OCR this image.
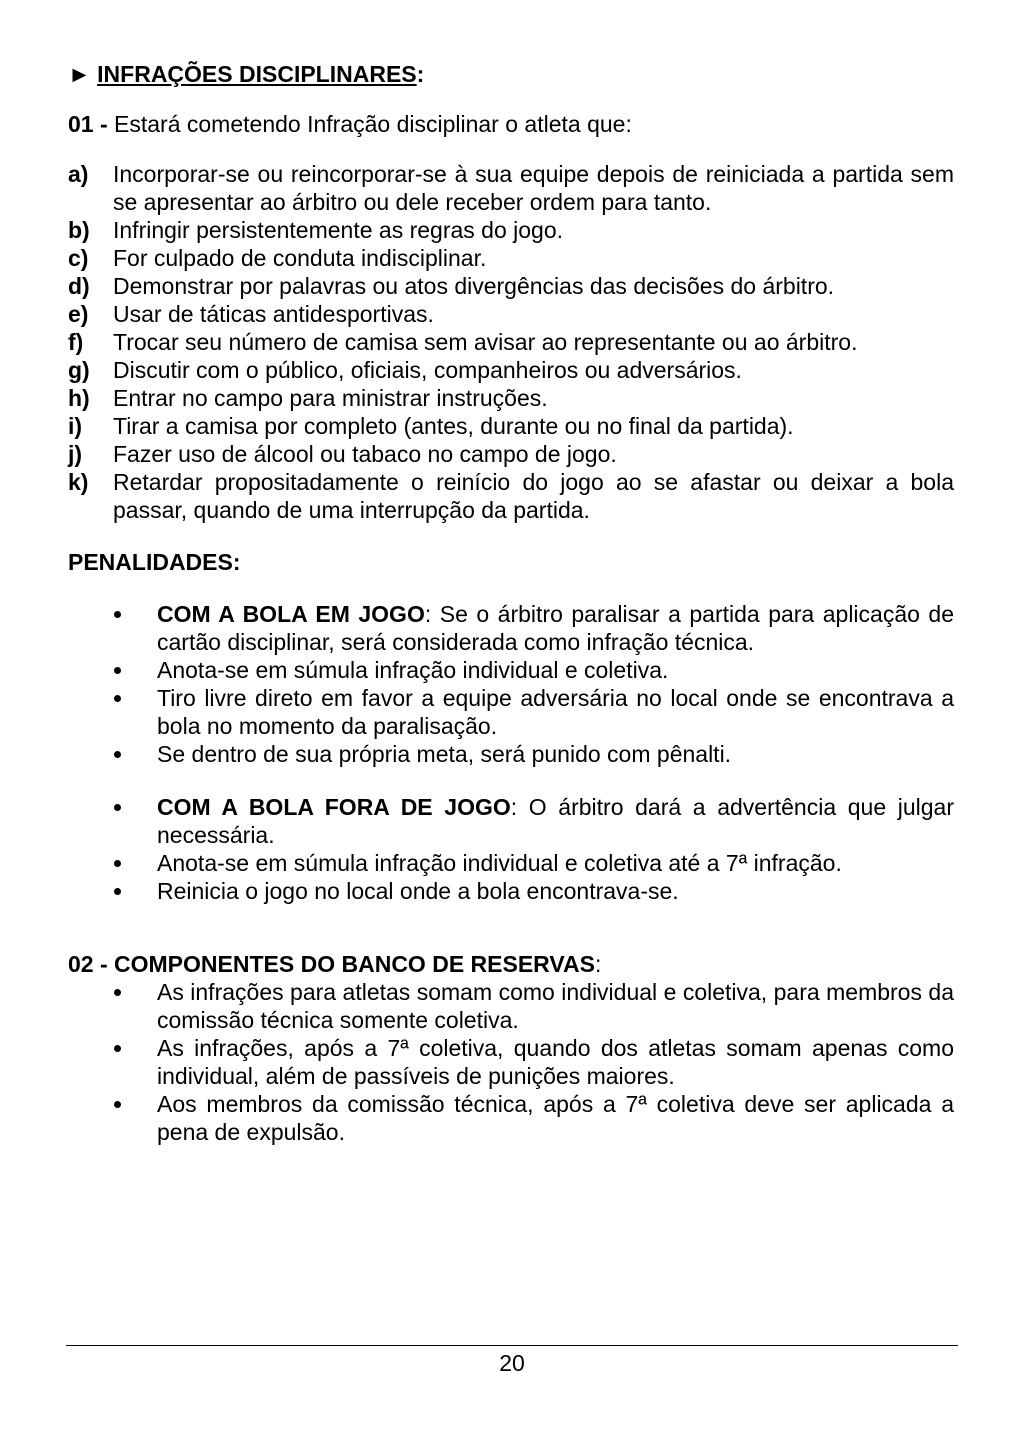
► INFRAÇÕES DISCIPLINARES:
01 - Estará cometendo Infração disciplinar o atleta que:
a)	Incorporar-se ou reincorporar-se à sua equipe depois de reiniciada a partida sem se apresentar ao árbitro ou dele receber ordem para tanto.
b)	Infringir persistentemente as regras do jogo.
c)	For culpado de conduta indisciplinar.
d)	Demonstrar por palavras ou atos divergências das decisões do árbitro.
e)	Usar de táticas antidesportivas.
f)	Trocar seu número de camisa sem avisar ao representante ou ao árbitro.
g)	Discutir com o público, oficiais, companheiros ou adversários.
h)	Entrar no campo para ministrar instruções.
i)	Tirar a camisa por completo (antes, durante ou no final da partida).
j)	Fazer uso de álcool ou tabaco no campo de jogo.
k)	Retardar propositadamente o reinício do jogo ao se afastar ou deixar a bola passar, quando de uma interrupção da partida.
PENALIDADES:
COM A BOLA EM JOGO: Se o árbitro paralisar a partida para aplicação de cartão disciplinar, será considerada como infração técnica.
Anota-se em súmula infração individual e coletiva.
Tiro livre direto em favor a equipe adversária no local onde se encontrava a bola no momento da paralisação.
Se dentro de sua própria meta, será punido com pênalti.
COM A BOLA FORA DE JOGO: O árbitro dará a advertência que julgar necessária.
Anota-se em súmula infração individual e coletiva até a 7ª infração.
Reinicia o jogo no local onde a bola encontrava-se.
02 - COMPONENTES DO BANCO DE RESERVAS:
As infrações para atletas somam como individual e coletiva, para membros da comissão técnica somente coletiva.
As infrações, após a 7ª coletiva, quando dos atletas somam apenas como individual, além de passíveis de punições maiores.
Aos membros da comissão técnica, após a 7ª coletiva deve ser aplicada a pena de expulsão.
20
